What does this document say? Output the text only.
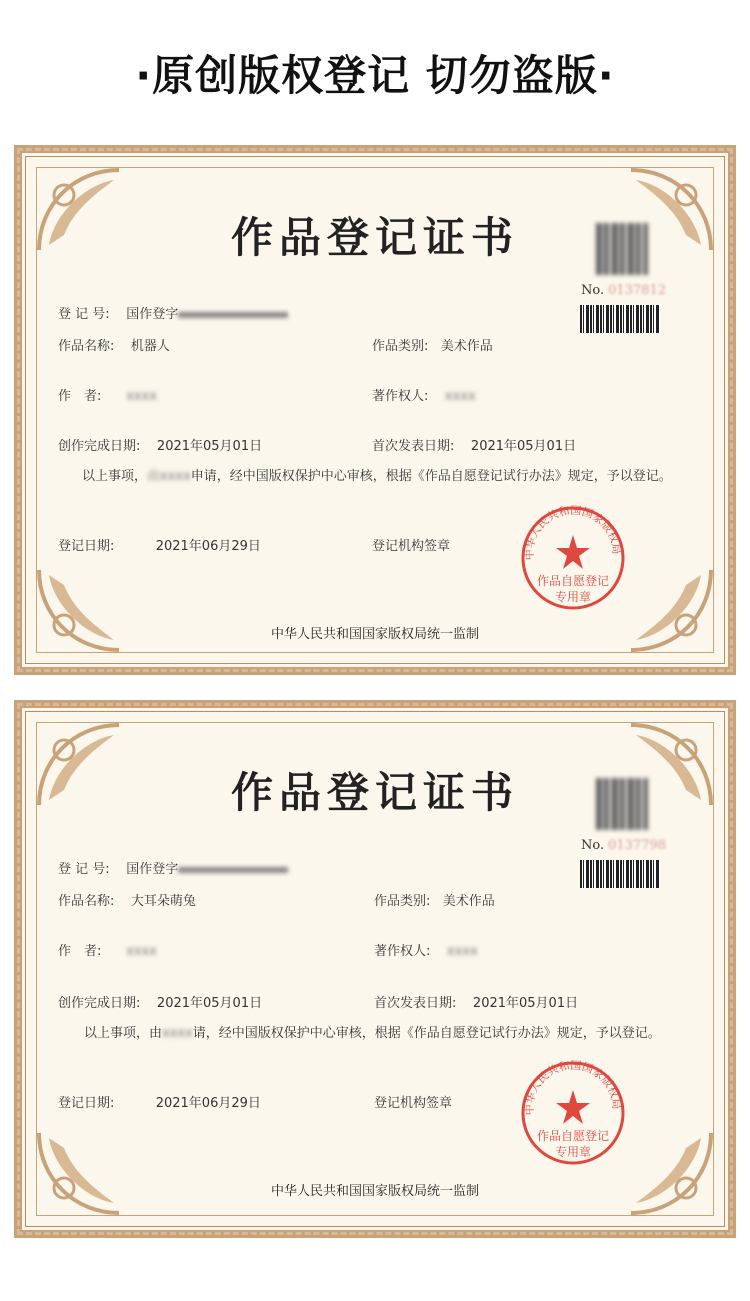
·原创版权登记 切勿盗版·
作品登记证书
No. 0137812
登 记 号: 国作登字
作品名称: 机器人	作品类别: 美术作品
作　者: xxxx	著作权人: xxxx
创作完成日期: 2021年05月01日	首次发表日期: 2021年05月01日
以上事项，由xxxx申请，经中国版权保护中心审核，根据《作品自愿登记试行办法》规定，予以登记。
登记日期:	2021年06月29日	登记机构签章
中华人民共和国国家版权局
作品自愿登记
专用章
中华人民共和国国家版权局统一监制
作品登记证书
No. 0137798
登 记 号: 国作登字
作品名称: 大耳朵萌兔	作品类别: 美术作品
作　者: xxxx	著作权人: xxxx
创作完成日期: 2021年05月01日	首次发表日期: 2021年05月01日
以上事项，由xxxx请，经中国版权保护中心审核，根据《作品自愿登记试行办法》规定，予以登记。
登记日期:	2021年06月29日	登记机构签章	中华人民共和国国家版权局
作品自愿登记
专用章
中华人民共和国国家版权局统一监制
